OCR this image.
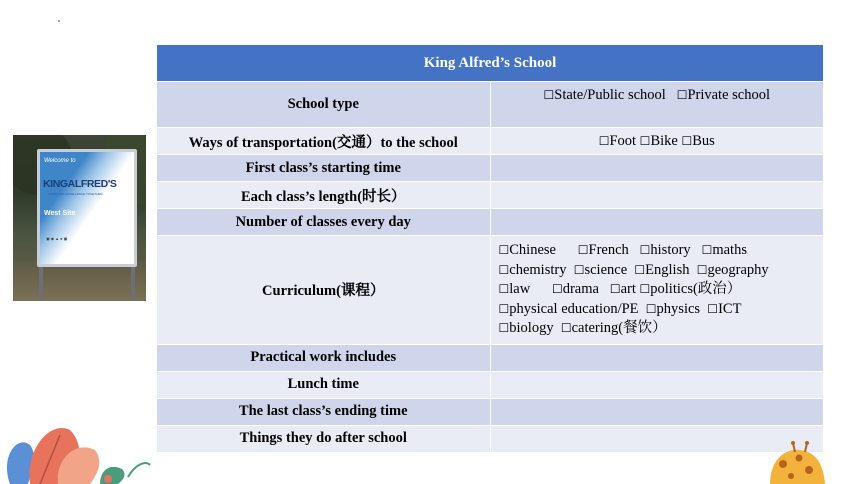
Welcome to
KINGALFRED'S
ACHIEVING EXCELLENCE TOGETHER
West Site
▣ ◆ ▲ ● ▣
King Alfred’s School	
School type	☐ State/Public school ☐ Private school
Ways of transportation(交通）to the school	☐ Foot ☐ Bike ☐ Bus
First class’s starting time	
Each class’s length(时长）	
Number of classes every day	
Curriculum(课程）	☐ Chinese ☐ French ☐ history ☐ maths
☐ chemistry ☐ science ☐ English ☐ geography
☐ law ☐ drama ☐ art ☐ politics(政治）
☐ physical education/PE ☐ physics ☐ ICT
☐ biology ☐ catering(餐饮）

Practical work includes	
Lunch time	
The last class’s ending time	
Things they do after school	
